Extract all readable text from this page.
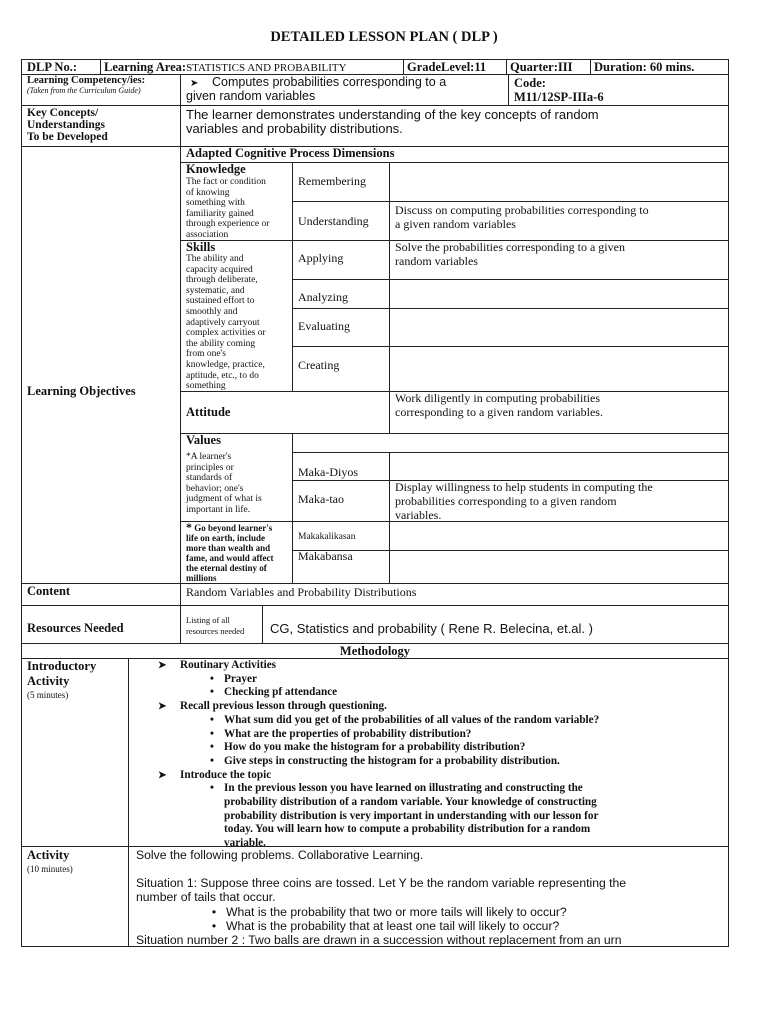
DETAILED LESSON PLAN ( DLP )
DLP No.: Learning Area:STATISTICS AND PROBABILITY	GradeLevel:11 Quarter:III Duration: 60 mins.
Learning Competency/ies:
(Taken from the Curriculum Guide)
➤ Computes probabilities corresponding to a
given random variables
Code:
M11/12SP-IIIa-6
Key Concepts/
Understandings
To be Developed
The learner demonstrates understanding of the key concepts of random
variables and probability distributions.
Learning Objectives
Adapted Cognitive Process Dimensions
Knowledge
The fact or condition
of knowing
something with
familiarity gained
through experience or
association
Skills
The ability and
capacity acquired
through deliberate,
systematic, and
sustained effort to
smoothly and
adaptively carryout
complex activities or
the ability coming
from one's
knowledge, practice,
aptitude, etc., to do
something
Remembering
Understanding
Applying
Analyzing
Evaluating
Creating
Discuss on computing probabilities corresponding to
a given random variables
Solve the probabilities corresponding to a given
random variables
Attitude
Work diligently in computing probabilities
corresponding to a given random variables.
Values
*A learner's
principles or
standards of
behavior; one's
judgment of what is
important in life.
* Go beyond learner's
life on earth, include
more than wealth and
fame, and would affect
the eternal destiny of
millions
Maka-Diyos
Maka-tao
Display willingness to help students in computing the
probabilities corresponding to a given random
variables.
Makakalikasan
Makabansa
Content	Random Variables and Probability Distributions
Resources Needed
Listing of all
resources needed CG, Statistics and probability ( Rene R. Belecina, et.al. )
Methodology
Introductory
Activity
(5 minutes)
➤ Routinary Activities
• Prayer
• Checking pf attendance
➤ Recall previous lesson through questioning.
• What sum did you get of the probabilities of all values of the random variable?
• What are the properties of probability distribution?
• How do you make the histogram for a probability distribution?
• Give steps in constructing the histogram for a probability distribution.
➤ Introduce the topic
• In the previous lesson you have learned on illustrating and constructing the
probability distribution of a random variable. Your knowledge of constructing
probability distribution is very important in understanding with our lesson for
today. You will learn how to compute a probability distribution for a random
variable.
Activity
(10 minutes)
Solve the following problems. Collaborative Learning.
Situation 1: Suppose three coins are tossed. Let Y be the random variable representing the
number of tails that occur.
• What is the probability that two or more tails will likely to occur?
• What is the probability that at least one tail will likely to occur?
Situation number 2 : Two balls are drawn in a succession without replacement from an urn
